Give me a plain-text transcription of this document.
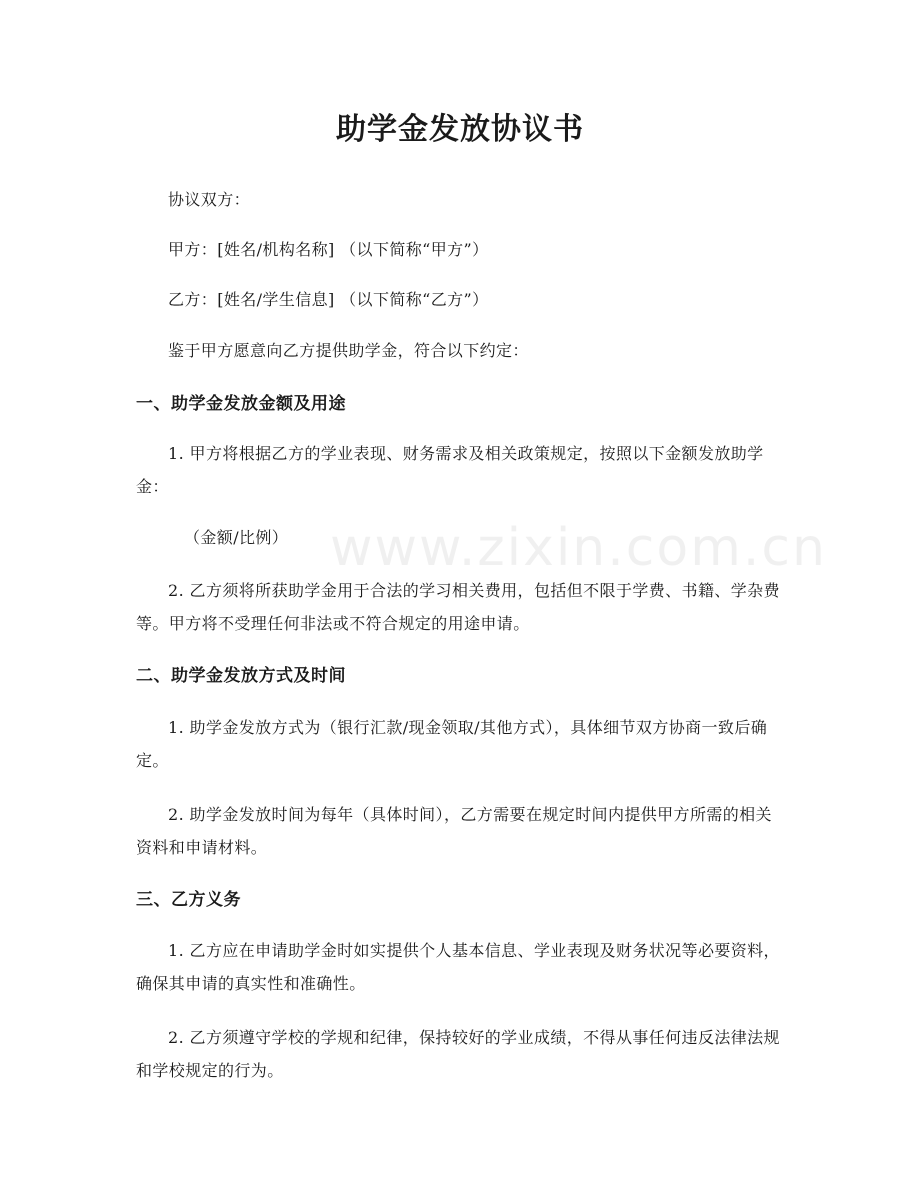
www.zixin.com.cn
助学金发放协议书
协议双方：
甲方：[姓名/机构名称] （以下简称“甲方”）
乙方：[姓名/学生信息] （以下简称“乙方”）
鉴于甲方愿意向乙方提供助学金，符合以下约定：
一、助学金发放金额及用途
1. 甲方将根据乙方的学业表现、财务需求及相关政策规定，按照以下金额发放助学金：
（金额/比例）
2. 乙方须将所获助学金用于合法的学习相关费用，包括但不限于学费、书籍、学杂费等。甲方将不受理任何非法或不符合规定的用途申请。
二、助学金发放方式及时间
1. 助学金发放方式为（银行汇款/现金领取/其他方式），具体细节双方协商一致后确定。
2. 助学金发放时间为每年（具体时间），乙方需要在规定时间内提供甲方所需的相关资料和申请材料。
三、乙方义务
1. 乙方应在申请助学金时如实提供个人基本信息、学业表现及财务状况等必要资料，确保其申请的真实性和准确性。
2. 乙方须遵守学校的学规和纪律，保持较好的学业成绩，不得从事任何违反法律法规和学校规定的行为。
